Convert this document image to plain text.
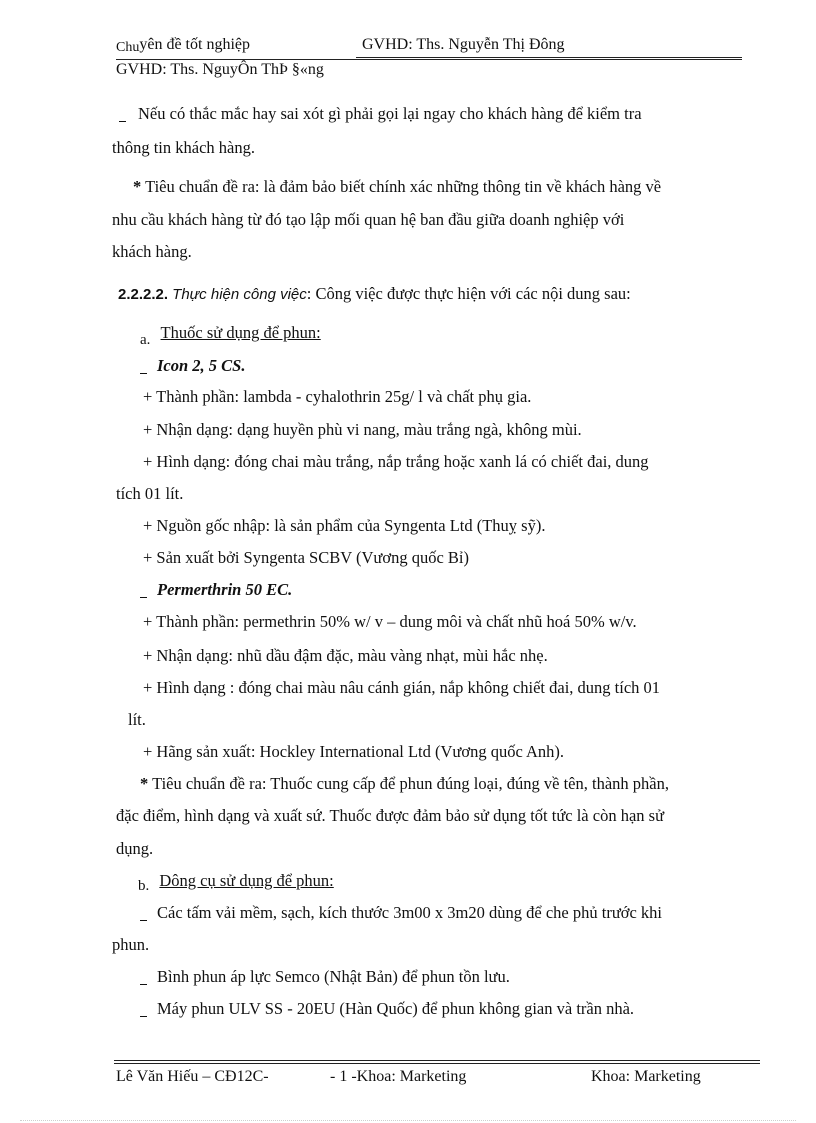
Chuyên đề tốt nghiệp	GVHD: Ths. Nguyễn Thị Đông
GVHD: Ths. NguyÔn ThÞ §«ng
Nếu có thắc mắc hay sai xót gì phải gọi lại ngay cho khách hàng để kiểm tra
thông tin khách hàng.
* Tiêu chuẩn đề ra: là đảm bảo biết chính xác những thông tin về khách hàng về
nhu cầu khách hàng từ đó tạo lập mối quan hệ ban đầu giữa doanh nghiệp với
khách hàng.
2.2.2.2. Thực hiện công việc: Công việc được thực hiện với các nội dung sau:
a. Thuốc sử dụng để phun:
Icon 2, 5 CS.
+ Thành phần: lambda - cyhalothrin 25g/ l và chất phụ gia.
+ Nhận dạng: dạng huyền phù vi nang, màu trắng ngà, không mùi.
+ Hình dạng: đóng chai màu trắng, nắp trắng hoặc xanh lá có chiết đai, dung
tích 01 lít.
+ Nguồn gốc nhập: là sản phẩm của Syngenta Ltd (Thuỵ sỹ).
+ Sản xuất bởi Syngenta SCBV (Vương quốc Bỉ)
Permerthrin 50 EC.
+ Thành phần: permethrin 50% w/ v – dung môi và chất nhũ hoá 50% w/v.
+ Nhận dạng: nhũ dầu đậm đặc, màu vàng nhạt, mùi hắc nhẹ.
+ Hình dạng : đóng chai màu nâu cánh gián, nắp không chiết đai, dung tích 01
lít.
+ Hãng sản xuất: Hockley International Ltd (Vương quốc Anh).
* Tiêu chuẩn đề ra: Thuốc cung cấp để phun đúng loại, đúng về tên, thành phần,
đặc điểm, hình dạng và xuất sứ. Thuốc được đảm bảo sử dụng tốt tức là còn hạn sử
dụng.
b. Dông cụ sử dụng để phun:
Các tấm vải mềm, sạch, kích thước 3m00 x 3m20 dùng để che phủ trước khi
phun.
Bình phun áp lực Semco (Nhật Bản) để phun tồn lưu.
Máy phun ULV SS - 20EU (Hàn Quốc) để phun không gian và trần nhà.
Lê Văn Hiếu – CĐ12C-	- 1 -Khoa: Marketing	Khoa: Marketing
